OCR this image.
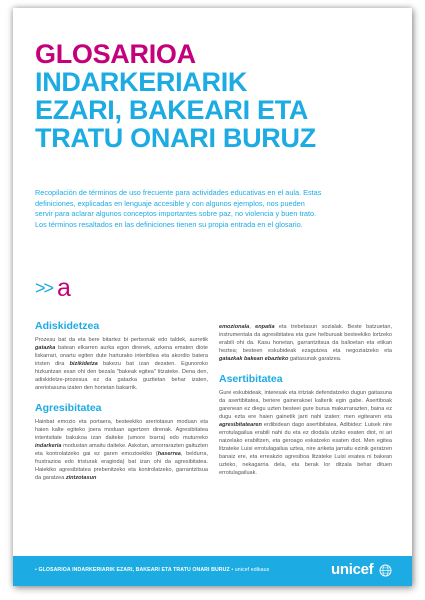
GLOSARIOA
INDARKERIARIK
EZARI, BAKEARI ETA
TRATU ONARI BURUZ

Recopilación de términos de uso frecuente para actividades educativas en el aula. Estas

definiciones, explicadas en lenguaje accesible y con algunos ejemplos, nos pueden

servir para aclarar algunos conceptos importantes sobre paz, no violencia y buen trato.

Los términos resaltados en las definiciones tienen su propia entrada en el glosario.

>> a
Adiskidetzea

Prozesu bat da eta bere bitartez bi pertsonak edo taldek, aurretik gatazka batean elkarren aurka egon direnek, azkena ematen diote liskarrari, onartu egiten dute harturako interibilea eta akordio batera iristen dira bizikidetza bakezu bat izan dezaten. Egunoroko hizkuntzan esan ohi den bezala "bakeak egitea" litzateke. Dena den, adiskidetze-prozesua ez da gatazka guztietan behar izaten, areriotasuna izaten den horietan bakarrik.

Agresibitatea

Hainbat emozio eta portaera, besteekiko areriotasun moduan eta haien kalte egiteko joera moduan agertzen direnak. Agresibitatea intentsitate bakukoa izan daiteke (umore txarra) edo muturreko indarkeria modustan amaitu daiteke. Askotan, amorrarazten gaituzten eta kontrolatzeko gai ez garen emozioekiko (haserrea, beldurra, frustrazioa edo tristurak eraginda) bat izan ohi da agresibitatea. Haiekiko agresibitatea prebenitzeko eta kontrolatzeko, garrantzitsua da garatzea zintzotasun

emozionala, enpatia eta trebetasun sozialak. Beste batzuetan, instrumentala da agresibitatea eta gure helburuak besteekiko lortzeko erabili ohi da. Kasu honetan, garrantzitsua da balioetan eta etikan heztea; besteen eskubideak ezagutzea eta negoziatzeko eta gatazkak bakean ebazteko gaitasunak garatzea.

Asertibitatea

Gure eskubideak, interesak eta iritziak defendatzeko dugun gaitasuna da asertibitatea, beriere gainerakoei kalterik egin gabe. Asertiboak garenean ez diegu uzten besteei gure burua makurrarazten, baina ez dugu ezta ere haien gainetik jarri nahi izaten: men egitearen eta agresibitatearen erdibidean dago asertibitatea. Adibidez: Luisek nire errotulagailua erabili nahi du eta ez diodala utziko esaten diot, ni ari naizelako erabiltzen, eta geroago eskatzeko esaten diot. Men egitea litzateke Luisi errotulagailua uztea, nire ariketa jarraitu ezinik geratzen banaiz ere, eta erreakzio agresiboa litzateke Luisi esatea ni bakean uzteko, nekagarria dela, eta berak lor ditzala behar dituen errotulagailuak.

• GLOSARIOA INDARKERIARIK EZARI, BAKEARI ETA TRATU ONARI BURUZ • unicef edikaus	unicef
